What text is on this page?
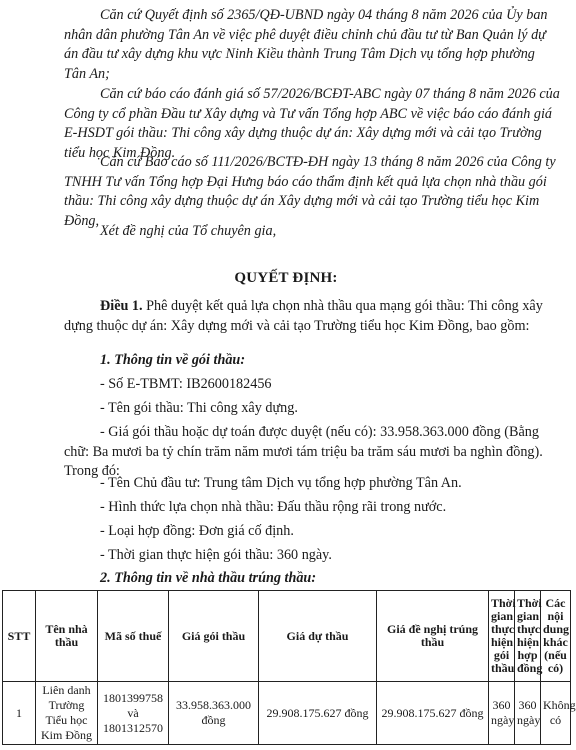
Căn cứ Quyết định số 2365/QĐ-UBND ngày 04 tháng 8 năm 2026 của Ủy ban nhân dân phường Tân An về việc phê duyệt điều chỉnh chủ đầu tư từ Ban Quản lý dự án đầu tư xây dựng khu vực Ninh Kiều thành Trung Tâm Dịch vụ tổng hợp phường Tân An;

Căn cứ báo cáo đánh giá số 57/2026/BCĐT-ABC ngày 07 tháng 8 năm 2026 của Công ty cổ phần Đầu tư Xây dựng và Tư vấn Tổng hợp ABC về việc báo cáo đánh giá E-HSDT gói thầu: Thi công xây dựng thuộc dự án: Xây dựng mới và cải tạo Trường tiểu học Kim Đồng.

Căn cứ Báo cáo số 111/2026/BCTĐ-ĐH ngày 13 tháng 8 năm 2026 của Công ty TNHH Tư vấn Tổng hợp Đại Hưng báo cáo thẩm định kết quả lựa chọn nhà thầu gói thầu: Thi công xây dựng thuộc dự án Xây dựng mới và cải tạo Trường tiểu học Kim Đồng,

Xét đề nghị của Tổ chuyên gia,

QUYẾT ĐỊNH:

Điều 1. Phê duyệt kết quả lựa chọn nhà thầu qua mạng gói thầu: Thi công xây dựng thuộc dự án: Xây dựng mới và cải tạo Trường tiểu học Kim Đồng, bao gồm:

1. Thông tin về gói thầu:

- Số E-TBMT: IB2600182456

- Tên gói thầu: Thi công xây dựng.

- Giá gói thầu hoặc dự toán được duyệt (nếu có): 33.958.363.000 đồng (Bằng chữ: Ba mươi ba tỷ chín trăm năm mươi tám triệu ba trăm sáu mươi ba nghìn đồng). Trong đó:

- Tên Chủ đầu tư: Trung tâm Dịch vụ tổng hợp phường Tân An.

- Hình thức lựa chọn nhà thầu: Đấu thầu rộng rãi trong nước.

- Loại hợp đồng: Đơn giá cố định.

- Thời gian thực hiện gói thầu: 360 ngày.

2. Thông tin về nhà thầu trúng thầu:

STT	Tên nhà thầu	Mã số thuế	Giá gói thầu	Giá dự thầu	Giá đề nghị trúng thầu	Thời gian thực hiện gói thầu	Thời gian thực hiện hợp đồng	Các nội dung khác (nếu có)
1	Liên danh Trường Tiểu học Kim Đồng	1801399758
và
1801312570	33.958.363.000 đồng	29.908.175.627 đồng	29.908.175.627 đồng	360 ngày	360 ngày	Không có
